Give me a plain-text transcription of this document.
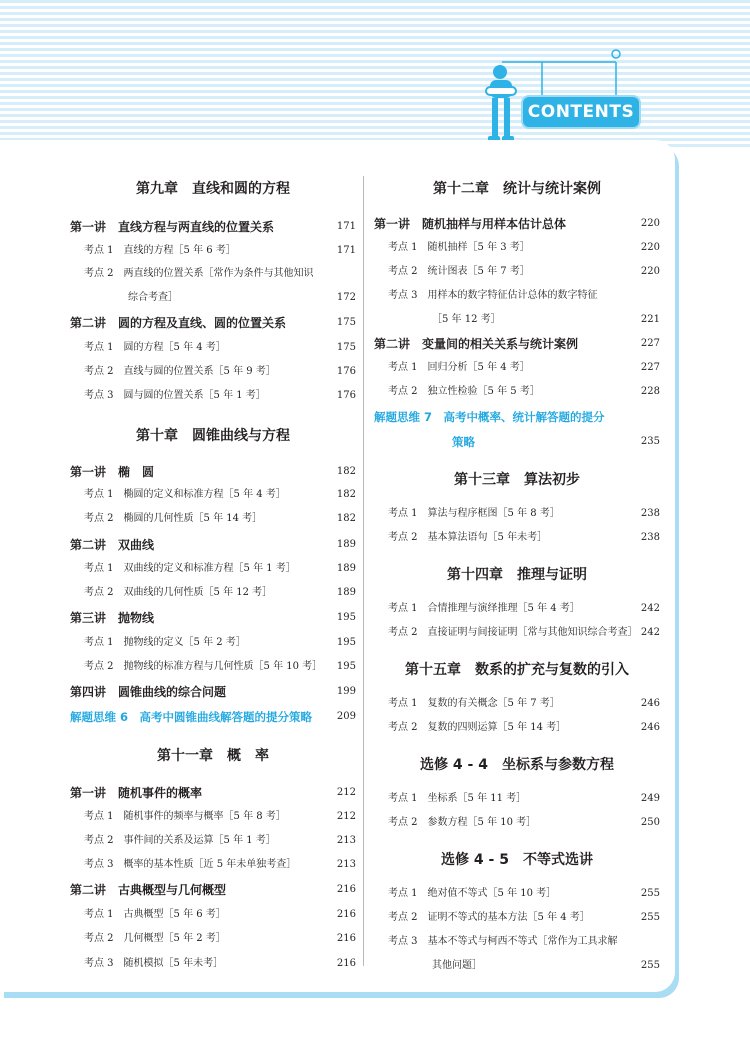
CONTENTS
第九章　直线和圆的方程
第一讲　直线方程与两直线的位置关系	171
考点 1　直线的方程［5 年 6 考］	171
考点 2　两直线的位置关系［常作为条件与其他知识
综合考查］	172
第二讲　圆的方程及直线、圆的位置关系	175
考点 1　圆的方程［5 年 4 考］	175
考点 2　直线与圆的位置关系［5 年 9 考］	176
考点 3　圆与圆的位置关系［5 年 1 考］	176
第十章　圆锥曲线与方程
第一讲　椭　圆	182
考点 1　椭圆的定义和标准方程［5 年 4 考］	182
考点 2　椭圆的几何性质［5 年 14 考］	182
第二讲　双曲线	189
考点 1　双曲线的定义和标准方程［5 年 1 考］	189
考点 2　双曲线的几何性质［5 年 12 考］	189
第三讲　抛物线	195
考点 1　抛物线的定义［5 年 2 考］	195
考点 2　抛物线的标准方程与几何性质［5 年 10 考］ 195
第四讲　圆锥曲线的综合问题	199
解题思维 6　高考中圆锥曲线解答题的提分策略 209
第十一章　概　率
第一讲　随机事件的概率	212
考点 1　随机事件的频率与概率［5 年 8 考］	212
考点 2　事件间的关系及运算［5 年 1 考］	213
考点 3　概率的基本性质［近 5 年未单独考查］	213
第二讲　古典概型与几何概型	216
考点 1　古典概型［5 年 6 考］	216
考点 2　几何概型［5 年 2 考］	216
考点 3　随机模拟［5 年未考］	216
第十二章　统计与统计案例
第一讲　随机抽样与用样本估计总体	220
考点 1　随机抽样［5 年 3 考］	220
考点 2　统计图表［5 年 7 考］	220
考点 3　用样本的数字特征估计总体的数字特征
［5 年 12 考］	221
第二讲　变量间的相关关系与统计案例	227
考点 1　回归分析［5 年 4 考］	227
考点 2　独立性检验［5 年 5 考］	228
解题思维 7　高考中概率、统计解答题的提分
策略	235
第十三章　算法初步
考点 1　算法与程序框图［5 年 8 考］	238
考点 2　基本算法语句［5 年未考］	238
第十四章　推理与证明
考点 1　合情推理与演绎推理［5 年 4 考］	242
考点 2　直接证明与间接证明［常与其他知识综合考查］ 242
第十五章　数系的扩充与复数的引入
考点 1　复数的有关概念［5 年 7 考］	246
考点 2　复数的四则运算［5 年 14 考］	246
选修 4 - 4　坐标系与参数方程
考点 1　坐标系［5 年 11 考］	249
考点 2　参数方程［5 年 10 考］	250
选修 4 - 5　不等式选讲
考点 1　绝对值不等式［5 年 10 考］	255
考点 2　证明不等式的基本方法［5 年 4 考］	255
考点 3　基本不等式与柯西不等式［常作为工具求解
其他问题］	255
